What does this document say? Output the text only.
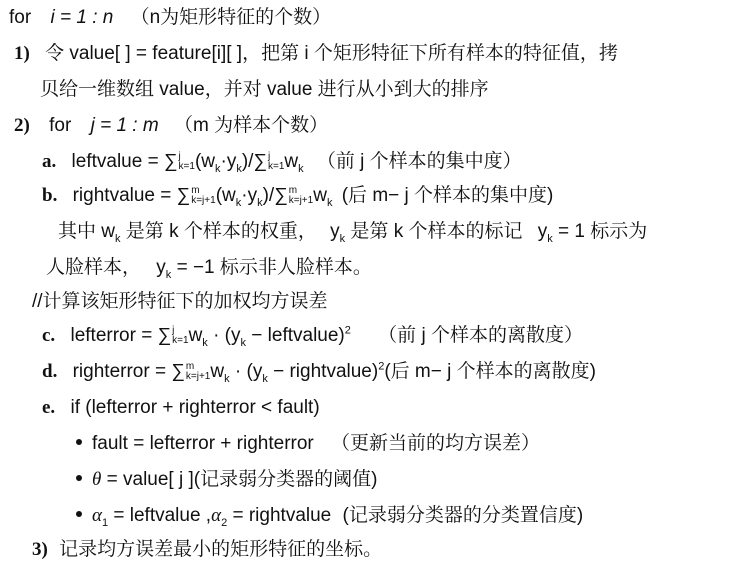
for i = 1 : n （n为矩形特征的个数）
1) 令 value[ ] = feature[i][ ]，把第 i 个矩形特征下所有样本的特征值，拷
贝给一维数组 value，并对 value 进行从小到大的排序
2) for j = 1 : m （m 为样本个数）
a. leftvalue = ∑ j
k=1 $(w_k\cdot y_k)/$ ∑ j
k=1 $w_k$ （前 j 个样本的集中度）
b. rightvalue = ∑ m
k=j+1 $(w_k\cdot y_k)/$ ∑ m
k=j+1 $w_k$ (后 m− j 个样本的集中度)
其中 $w_k$ 是第 k 个样本的权重， $y_k$ 是第 k 个样本的标记 $y_k = 1$ 标示为
人脸样本， $y_k = -1$ 标示非人脸样本。
//计算该矩形特征下的加权均方误差
c. lefterror = ∑ j
k=1 $w_k \cdot (y_k$ − leftvalue)$^2$ （前 j 个样本的离散度）
d. righterror = ∑ m
k=j+1 $w_k \cdot (y_k$ − rightvalue)$^2$(后 m− j 个样本的离散度)
e. if (lefterror + righterror < fault)
fault = lefterror + righterror （更新当前的均方误差）
θ = value[ j ](记录弱分类器的阈值)
$\alpha_1$ = leftvalue $,\alpha_2$ = rightvalue (记录弱分类器的分类置信度)
3) 记录均方误差最小的矩形特征的坐标。
